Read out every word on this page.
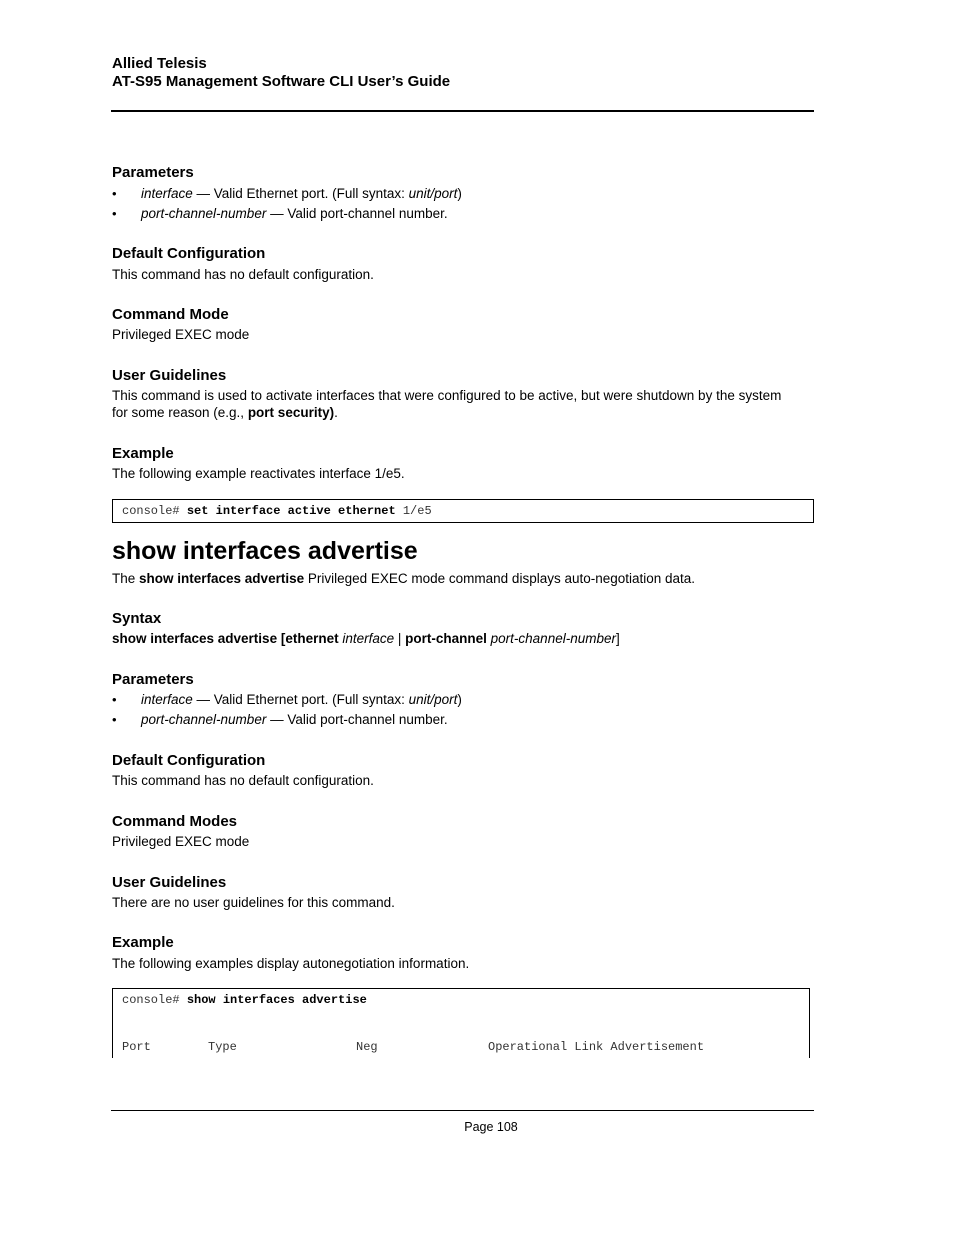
Allied Telesis
AT-S95 Management Software CLI User’s Guide
Parameters
• interface — Valid Ethernet port. (Full syntax: unit/port)
• port-channel-number — Valid port-channel number.
Default Configuration
This command has no default configuration.
Command Mode
Privileged EXEC mode
User Guidelines
This command is used to activate interfaces that were configured to be active, but were shutdown by the system
for some reason (e.g., port security).
Example
The following example reactivates interface 1/e5.
console# set interface active ethernet 1/e5
show interfaces advertise
The show interfaces advertise Privileged EXEC mode command displays auto-negotiation data.
Syntax
show interfaces advertise [ethernet interface | port-channel port-channel-number]
Parameters
• interface — Valid Ethernet port. (Full syntax: unit/port)
• port-channel-number — Valid port-channel number.
Default Configuration
This command has no default configuration.
Command Modes
Privileged EXEC mode
User Guidelines
There are no user guidelines for this command.
Example
The following examples display autonegotiation information.
console# show interfaces advertise
Port	Type	Neg	Operational Link Advertisement
Page 108
